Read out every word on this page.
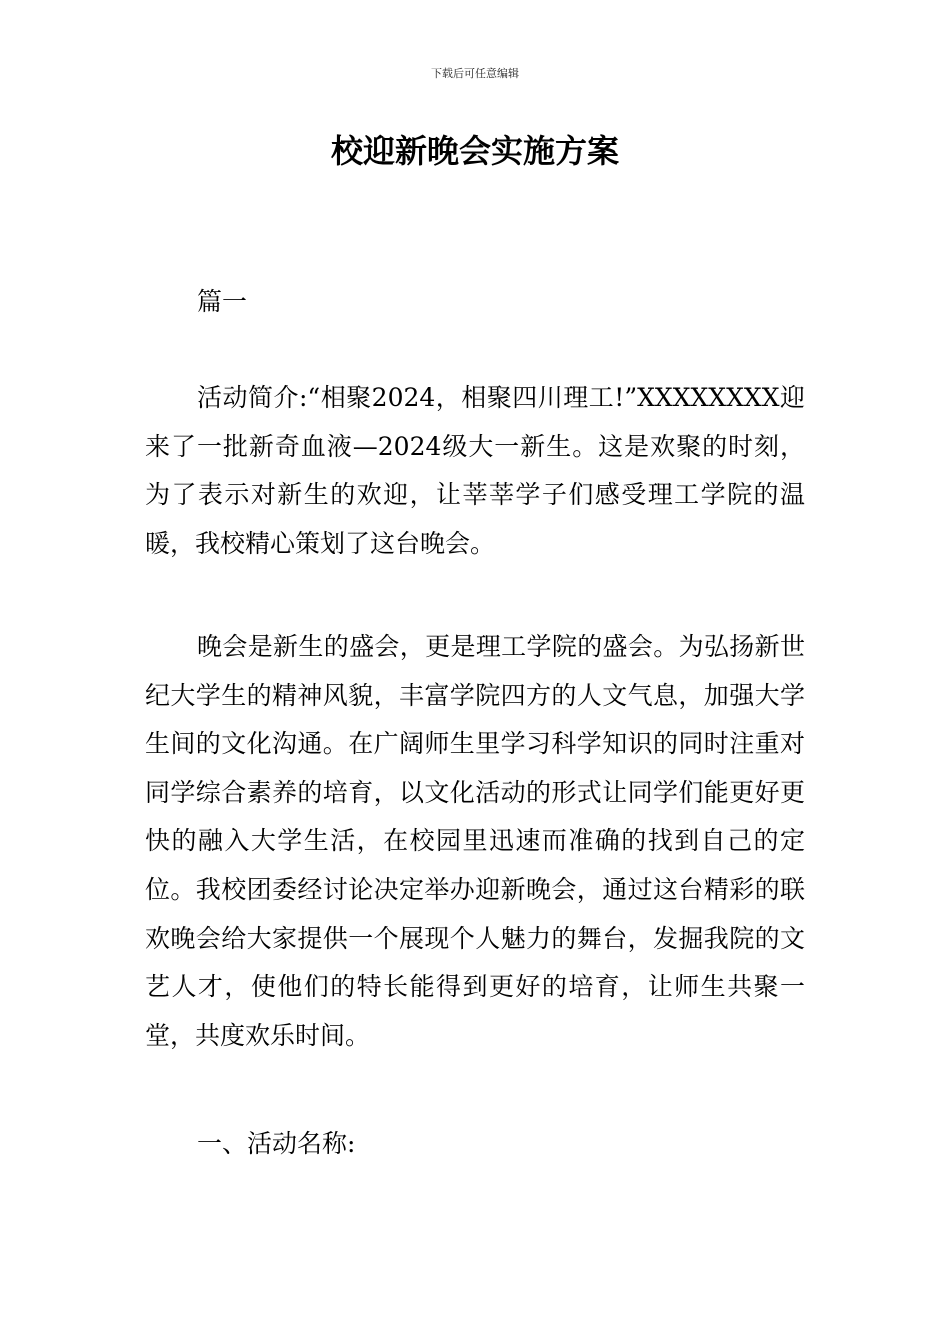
下载后可任意编辑
校迎新晚会实施方案
篇一

活动简介:“相聚2024，相聚四川理工!”XXXXXXXX迎来了一批新奇血液—2024级大一新生。这是欢聚的时刻，为了表示对新生的欢迎，让莘莘学子们感受理工学院的温暖，我校精心策划了这台晚会。

晚会是新生的盛会，更是理工学院的盛会。为弘扬新世纪大学生的精神风貌，丰富学院四方的人文气息，加强大学生间的文化沟通。在广阔师生里学习科学知识的同时注重对同学综合素养的培育，以文化活动的形式让同学们能更好更快的融入大学生活，在校园里迅速而准确的找到自己的定位。我校团委经讨论决定举办迎新晚会，通过这台精彩的联欢晚会给大家提供一个展现个人魅力的舞台，发掘我院的文艺人才，使他们的特长能得到更好的培育，让师生共聚一堂，共度欢乐时间。

一、活动名称:
